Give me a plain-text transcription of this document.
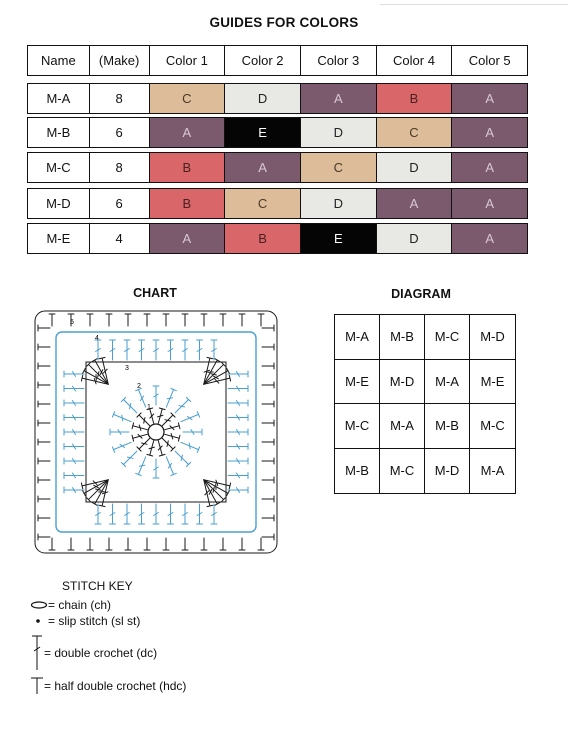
GUIDES FOR COLORS
Name	(Make)	Color 1	Color 2	Color 3	Color 4	Color 5
M-A	8	C	D	A	B	A
M-B	6	A	E	D	C	A
M-C	8	B	A	C	D	A
M-D	6	B	C	D	A	A
M-E	4	A	B	E	D	A
CHART	DIAGRAM
1
2
3
4
5
M-A	M-B	M-C	M-D
M-E	M-D	M-A	M-E
M-C	M-A	M-B	M-C
M-B	M-C	M-D	M-A
STITCH KEY
= chain (ch)
= slip stitch (sl st)
= double crochet (dc)
= half double crochet (hdc)
